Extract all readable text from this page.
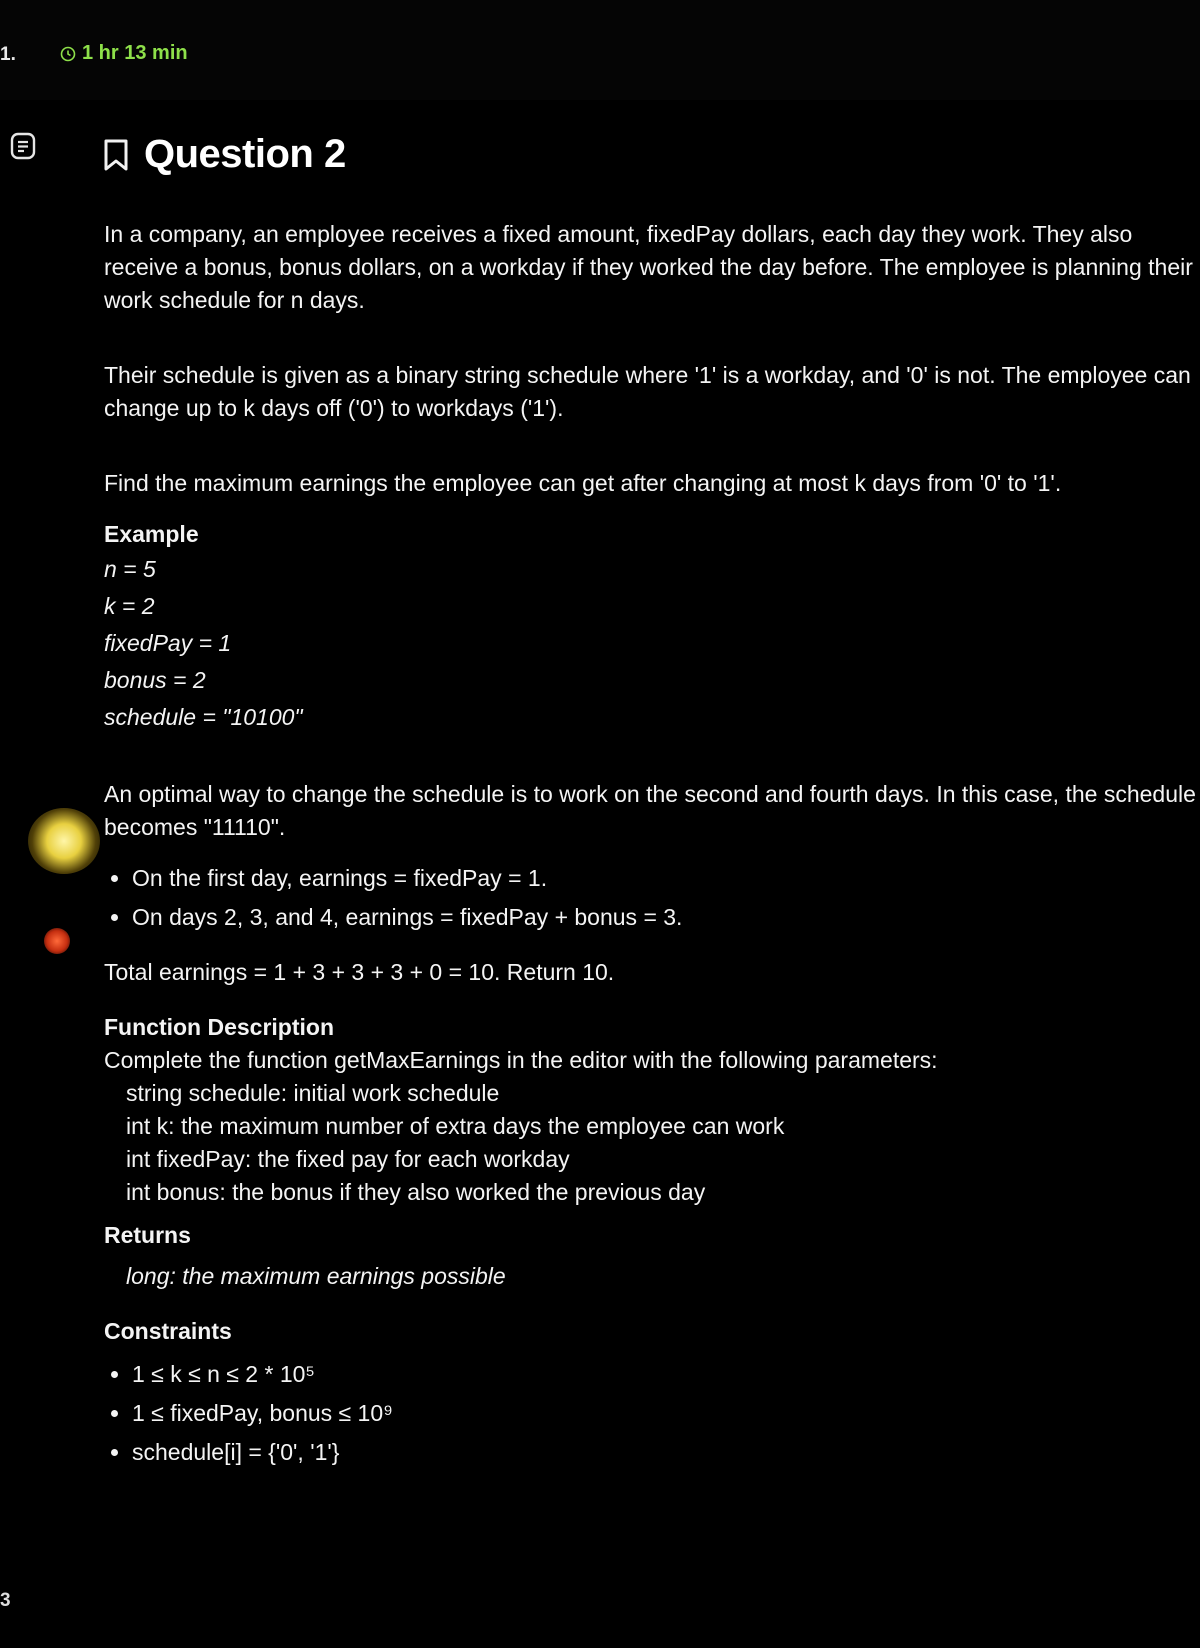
1.	1 hr 13 min
3
Question 2

In a company, an employee receives a fixed amount, fixedPay dollars, each day they work. They also receive a bonus, bonus dollars, on a workday if they worked the day before. The employee is planning their work schedule for n days.

Their schedule is given as a binary string schedule where '1' is a workday, and '0' is not. The employee can change up to k days off ('0') to workdays ('1').

Find the maximum earnings the employee can get after changing at most k days from '0' to '1'.

Example

n = 5

k = 2

fixedPay = 1

bonus = 2

schedule = "10100"

An optimal way to change the schedule is to work on the second and fourth days. In this case, the schedule becomes "11110".

• On the first day, earnings = fixedPay = 1.
• On days 2, 3, and 4, earnings = fixedPay + bonus = 3.

Total earnings = 1 + 3 + 3 + 3 + 0 = 10. Return 10.

Function Description

Complete the function getMaxEarnings in the editor with the following parameters:

string schedule: initial work schedule

int k: the maximum number of extra days the employee can work

int fixedPay: the fixed pay for each workday

int bonus: the bonus if they also worked the previous day

Returns

long: the maximum earnings possible

Constraints

• 1 ≤ k ≤ n ≤ 2 * 10⁵
• 1 ≤ fixedPay, bonus ≤ 10⁹
• schedule[i] = {'0', '1'}
